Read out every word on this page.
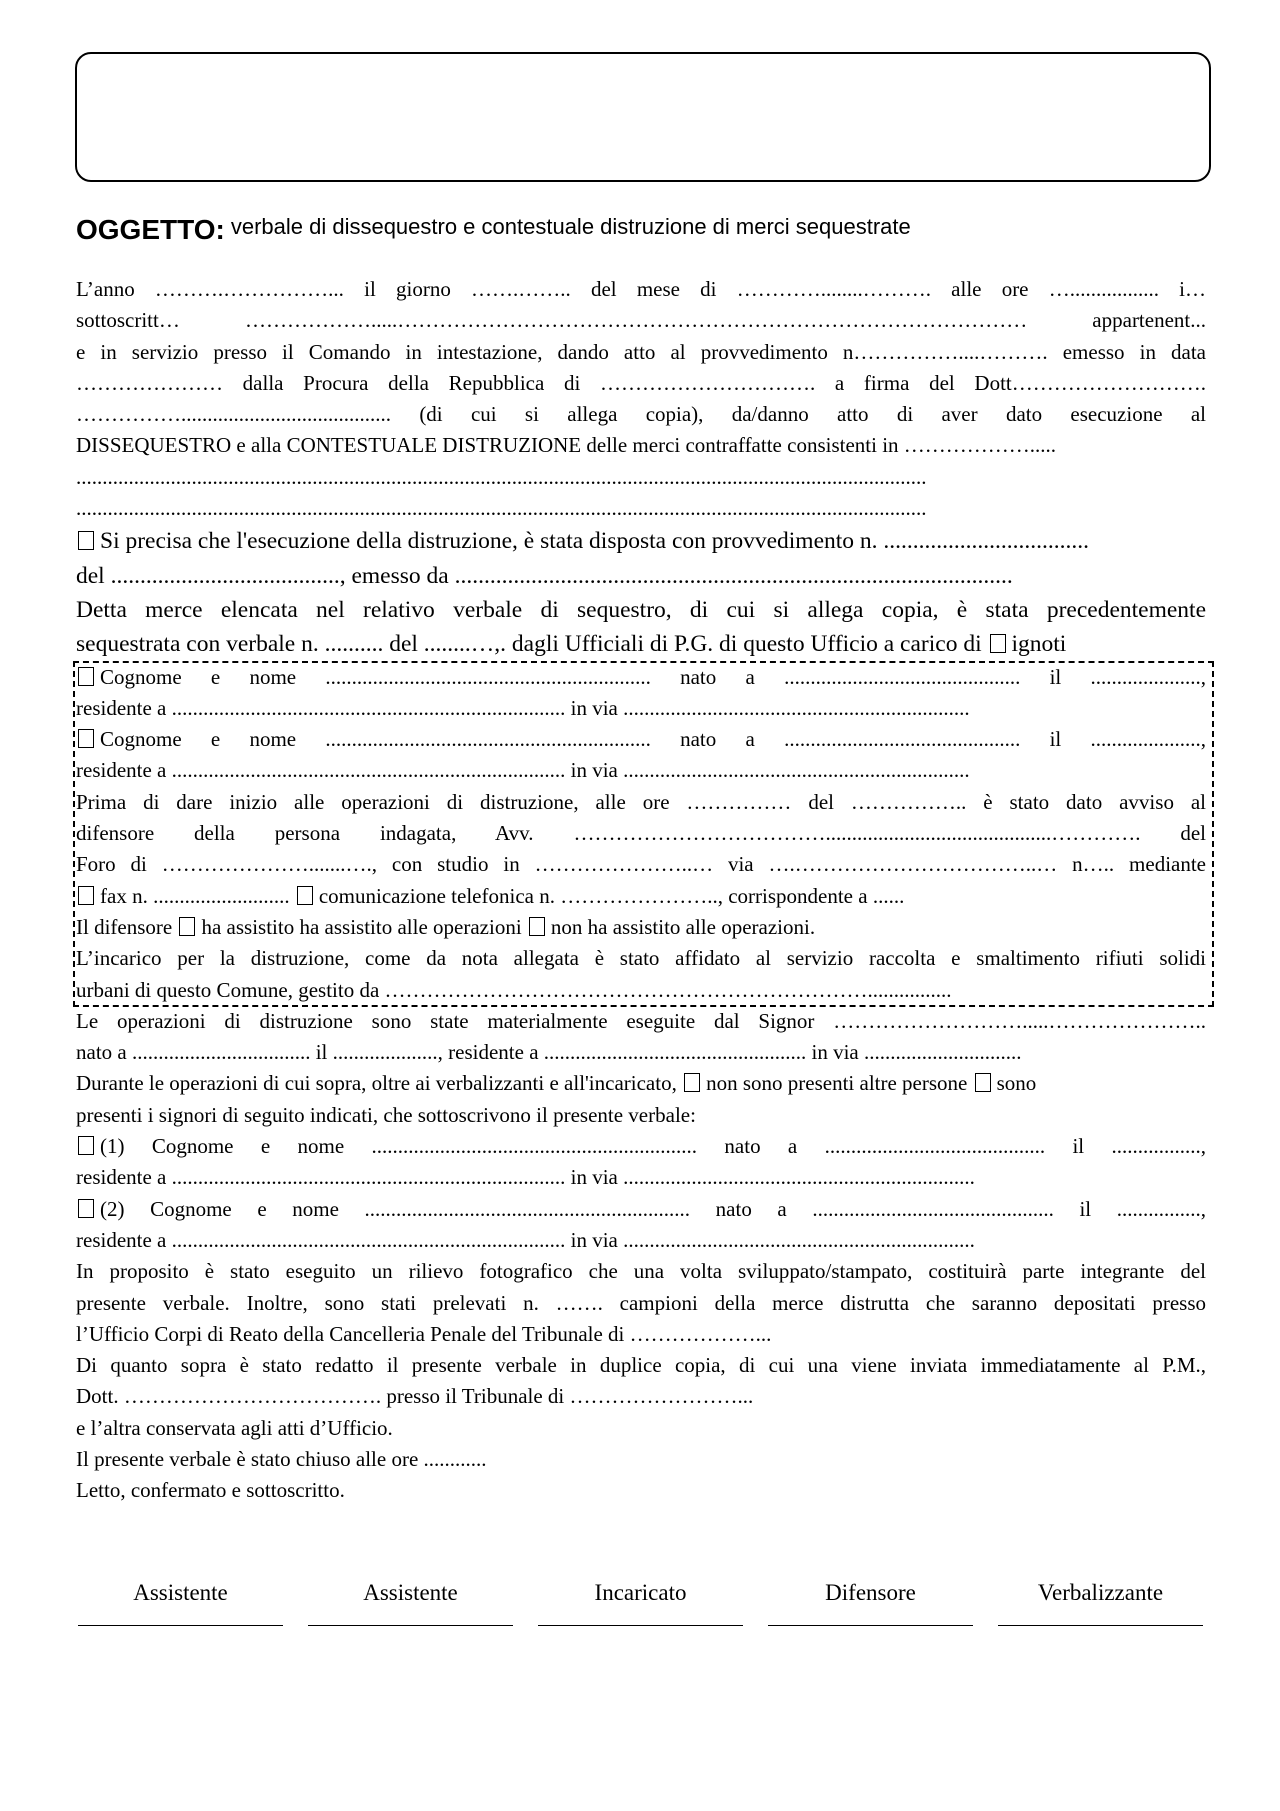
OGGETTO: verbale di dissequestro e contestuale distruzione di merci sequestrate
L’anno ……….……………... il giorno …….…….. del mese di …………........………. alle ore …................. i…
sottoscritt… ……………….....……………………………………………………………………………… appartenent...
e in servizio presso il Comando in intestazione, dando atto al provvedimento n……………....………. emesso in data
………………… dalla Procura della Repubblica di …………………………. a firma del Dott……………………….
……………........................................ (di cui si allega copia), da/danno atto di aver dato esecuzione al
DISSEQUESTRO e alla CONTESTUALE DISTRUZIONE delle merci contraffatte consistenti in ……………….....
..................................................................................................................................................................
..................................................................................................................................................................
Si precisa che l'esecuzione della distruzione, è stata disposta con provvedimento n. ...................................
del ......................................., emesso da ...............................................................................................
Detta merce elencata nel relativo verbale di sequestro, di cui si allega copia, è stata precedentemente
sequestrata con verbale n. .......... del ........…,. dagli Ufficiali di P.G. di questo Ufficio a carico di ignoti
Cognome e nome .............................................................. nato a ............................................. il .....................,
residente a ........................................................................... in via ..................................................................
Cognome e nome .............................................................. nato a ............................................. il .....................,
residente a ........................................................................... in via ..................................................................
Prima di dare inizio alle operazioni di distruzione, alle ore …………… del …………….. è stato dato avviso al
difensore della persona indagata, Avv. ………………………………...........................................…………. del
Foro di ………………….......…., con studio in …………………..… via ….……………………………..… n….. mediante
fax n. .......................... comunicazione telefonica n. ………………….., corrispondente a ......
Il difensore ha assistito ha assistito alle operazioni non ha assistito alle operazioni.
L’incarico per la distruzione, come da nota allegata è stato affidato al servizio raccolta e smaltimento rifiuti solidi
urbani di questo Comune, gestito da ……………………………………………………………................
Le operazioni di distruzione sono state materialmente eseguite dal Signor ……………………….....…………………..
nato a .................................. il ...................., residente a .................................................. in via ..............................
Durante le operazioni di cui sopra, oltre ai verbalizzanti e all'incaricato, non sono presenti altre persone sono
presenti i signori di seguito indicati, che sottoscrivono il presente verbale:
(1) Cognome e nome .............................................................. nato a .......................................... il .................,
residente a ........................................................................... in via ...................................................................
(2) Cognome e nome .............................................................. nato a .............................................. il ................,
residente a ........................................................................... in via ...................................................................
In proposito è stato eseguito un rilievo fotografico che una volta sviluppato/stampato, costituirà parte integrante del
presente verbale. Inoltre, sono stati prelevati n. ……. campioni della merce distrutta che saranno depositati presso
l’Ufficio Corpi di Reato della Cancelleria Penale del Tribunale di ………………...
Di quanto sopra è stato redatto il presente verbale in duplice copia, di cui una viene inviata immediatamente al P.M.,
Dott. ………………………………. presso il Tribunale di ……………………...
e l’altra conservata agli atti d’Ufficio.
Il presente verbale è stato chiuso alle ore ............
Letto, confermato e sottoscritto.
Assistente	Assistente	Incaricato	Difensore	Verbalizzante
